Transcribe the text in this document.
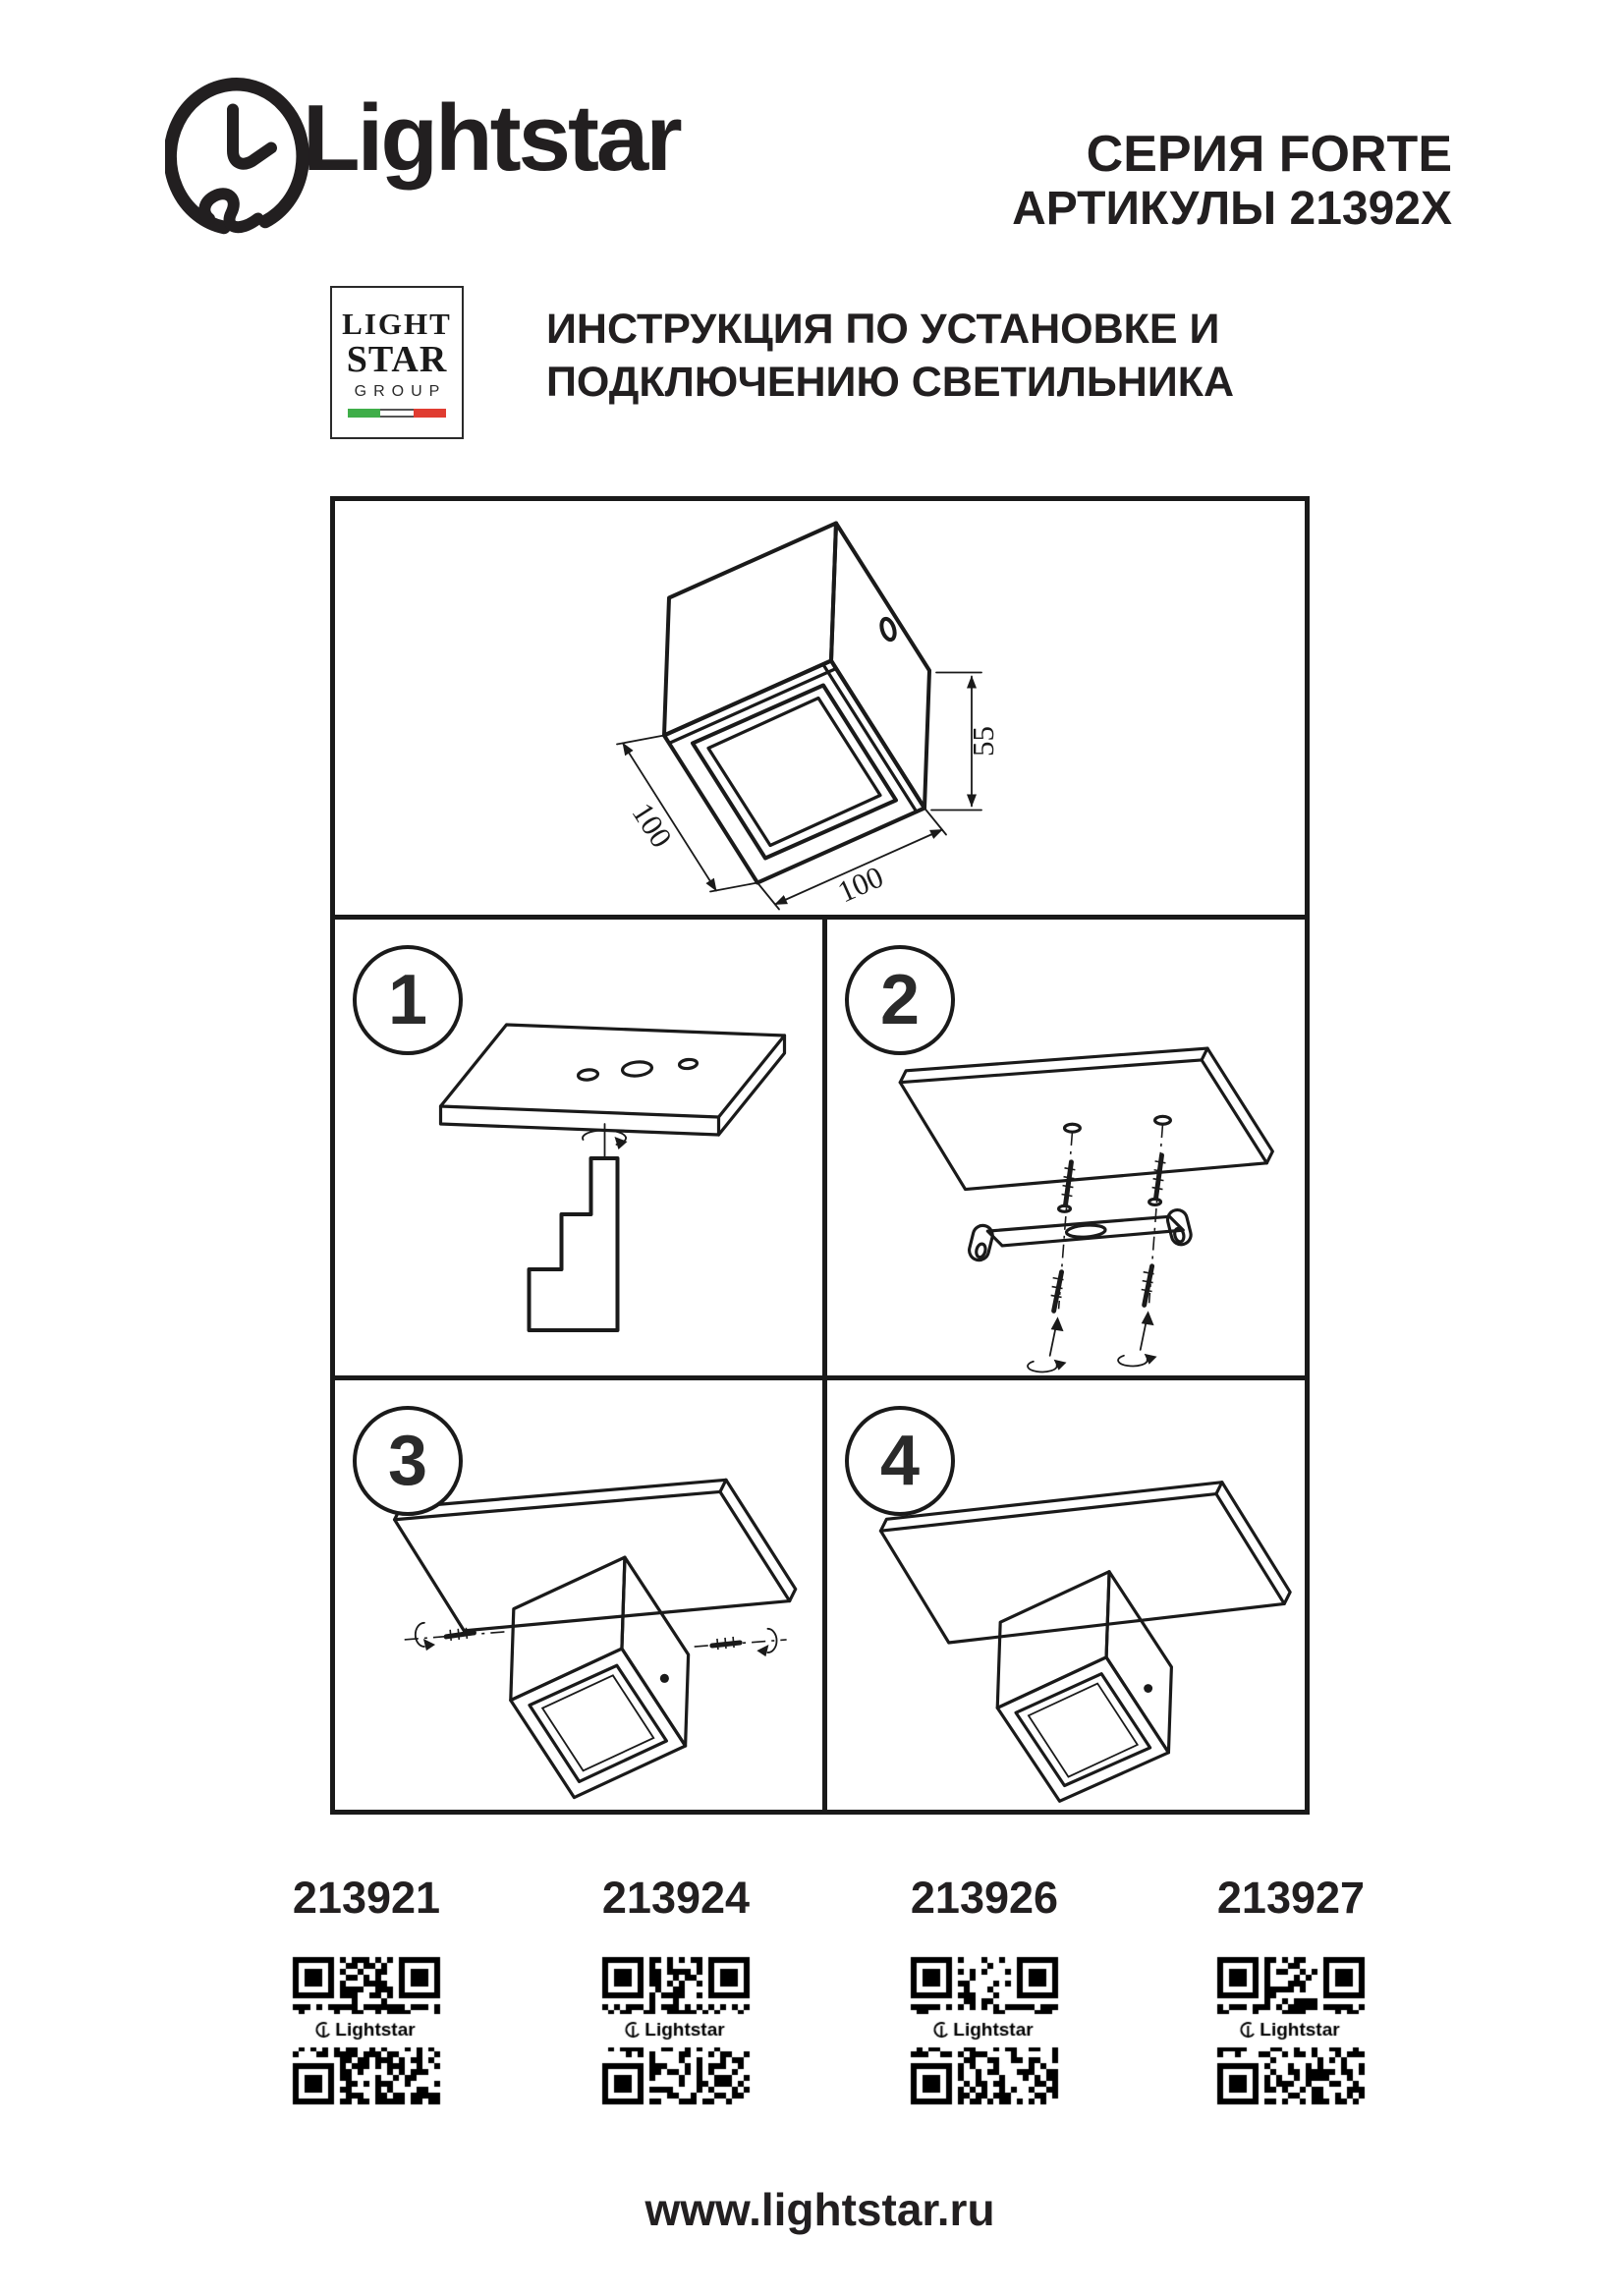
Lightstar	СЕРИЯ FORTE
АРТИКУЛЫ 21392X
LIGHT
STAR
GROUP
ИНСТРУКЦИЯ ПО УСТАНОВКЕ И
ПОДКЛЮЧЕНИЮ СВЕТИЛЬНИКА
100
100
55
1	2
3	4
213921	213924	213926	213927
www.lightstar.ru
